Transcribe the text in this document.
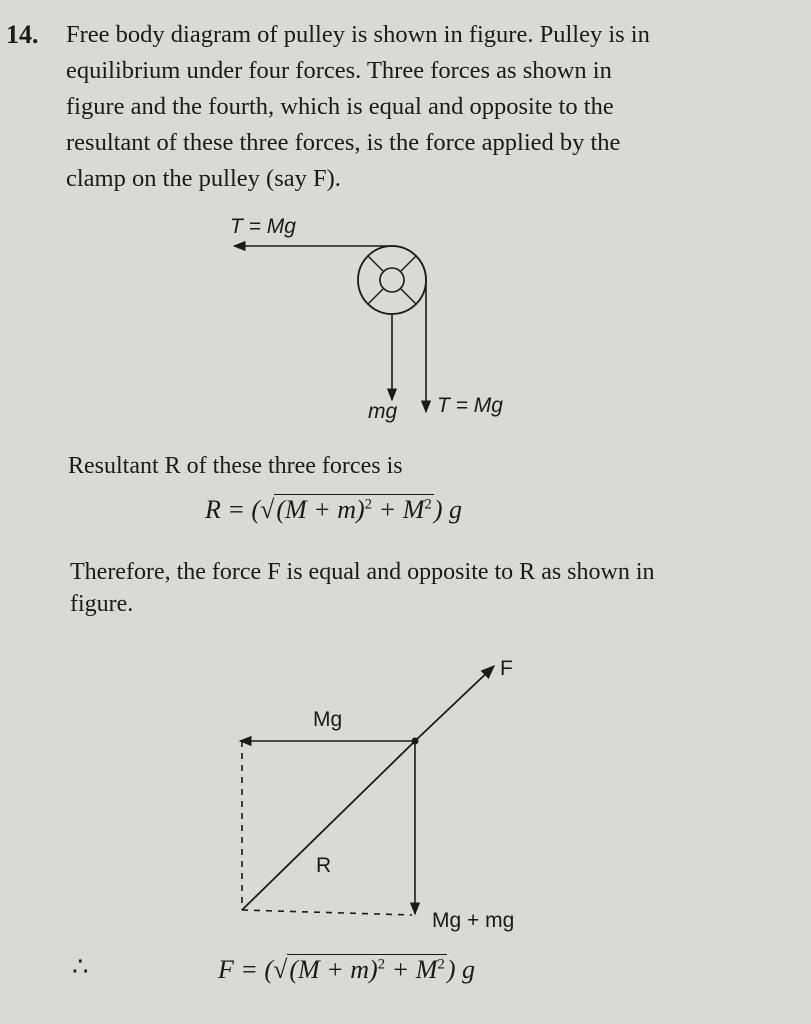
14. Free body diagram of pulley is shown in figure. Pulley is in
equilibrium under four forces. Three forces as shown in
figure and the fourth, which is equal and opposite to the
resultant of these three forces, is the force applied by the
clamp on the pulley (say F).

T = Mg
mg T = Mg
Mg
F
R
Mg + mg

Resultant R of these three forces is

$R = (√(M + m)^2 + M^2)$ g

Therefore, the force F is equal and opposite to R as shown in
figure.

∴	$F = (√(M + m)^2 + M^2)$ g
